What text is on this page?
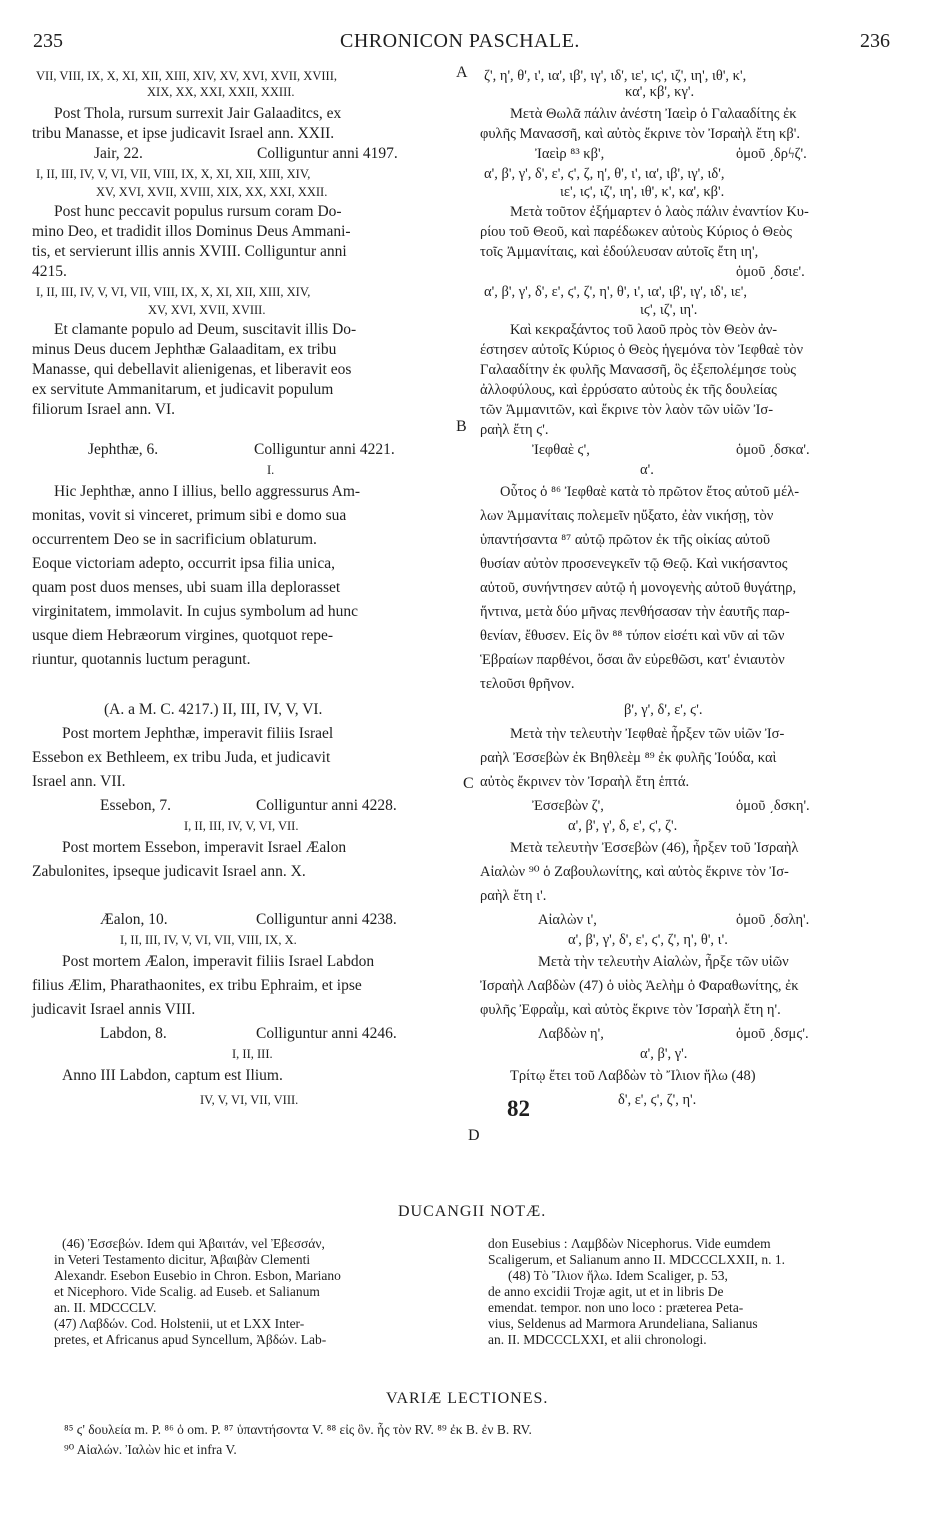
235	CHRONICON PASCHALE.	236
A
B
C
D
82
VII, VIII, IX, X, XI, XII, XIII, XIV, XV, XVI, XVII, XVIII,
XIX, XX, XXI, XXII, XXIII.
Post Thola, rursum surrexit Jair Galaaditcs, ex
tribu Manasse, et ipse judicavit Israel ann. XXII.
Jair, 22.	Colliguntur anni 4197.
I, II, III, IV, V, VI, VII, VIII, IX, X, XI, XII, XIII, XIV,
XV, XVI, XVII, XVIII, XIX, XX, XXI, XXII.
Post hunc peccavit populus rursum coram Do-
mino Deo, et tradidit illos Dominus Deus Ammani-
tis, et servierunt illis annis XVIII. Colliguntur anni
4215.
I, II, III, IV, V, VI, VII, VIII, IX, X, XI, XII, XIII, XIV,
XV, XVI, XVII, XVIII.
Et clamante populo ad Deum, suscitavit illis Do-
minus Deus ducem Jephthæ Galaaditam, ex tribu
Manasse, qui debellavit alienigenas, et liberavit eos
ex servitute Ammanitarum, et judicavit populum
filiorum Israel ann. VI.
Jephthæ, 6.	Colliguntur anni 4221.
I.
Hic Jephthæ, anno I illius, bello aggressurus Am-
monitas, vovit si vinceret, primum sibi e domo sua
occurrentem Deo se in sacrificium oblaturum.
Eoque victoriam adepto, occurrit ipsa filia unica,
quam post duos menses, ubi suam illa deplorasset
virginitatem, immolavit. In cujus symbolum ad hunc
usque diem Hebræorum virgines, quotquot repe-
riuntur, quotannis luctum peragunt.
(A. a M. C. 4217.) II, III, IV, V, VI.
Post mortem Jephthæ, imperavit filiis Israel
Essebon ex Bethleem, ex tribu Juda, et judicavit
Israel ann. VII.
Essebon, 7.	Colliguntur anni 4228.
I, II, III, IV, V, VI, VII.
Post mortem Essebon, imperavit Israel Æalon
Zabulonites, ipseque judicavit Israel ann. X.
Æalon, 10.	Colliguntur anni 4238.
I, II, III, IV, V, VI, VII, VIII, IX, X.
Post mortem Æalon, imperavit filiis Israel Labdon
filius Ælim, Pharathaonites, ex tribu Ephraim, et ipse
judicavit Israel annis VIII.
Labdon, 8.	Colliguntur anni 4246.
I, II, III.
Anno III Labdon, captum est Ilium.
IV, V, VI, VII, VIII.
ζ', η', θ', ι', ια', ιβ', ιγ', ιδ', ιε', ιϛ', ιζ', ιη', ιθ', κ',
κα', κβ', κγ'.
Μετὰ Θωλᾶ πάλιν ἀνέστη Ἰαεὶρ ὁ Γαλααδίτης ἐκ
φυλῆς Μανασσῆ, καὶ αὐτὸς ἔκρινε τὸν Ἰσραὴλ ἔτη κβ'.
Ἰαεὶρ ⁸³ κβ',	ὁμοῦ ͵δρϟζ'.
α', β', γ', δ', ε', ϛ', ζ, η', θ', ι', ια', ιβ', ιγ', ιδ',
ιε', ιϛ', ιζ', ιη', ιθ', κ', κα', κβ'.
Μετὰ τοῦτον ἐξήμαρτεν ὁ λαὸς πάλιν ἐναντίον Κυ-
ρίου τοῦ Θεοῦ, καὶ παρέδωκεν αὐτοὺς Κύριος ὁ Θεὸς
τοῖς Ἀμμανίταις, καὶ ἐδούλευσαν αὐτοῖς ἔτη ιη',
ὁμοῦ ͵δσιε'.
α', β', γ', δ', ε', ϛ', ζ', η', θ', ι', ια', ιβ', ιγ', ιδ', ιε',
ιϛ', ιζ', ιη'.
Καὶ κεκραξάντος τοῦ λαοῦ πρὸς τὸν Θεὸν ἀν-
έστησεν αὐτοῖς Κύριος ὁ Θεὸς ἡγεμόνα τὸν Ἰεφθαὲ τὸν
Γαλααδίτην ἐκ φυλῆς Μανασσῆ, ὃς ἐξεπολέμησε τοὺς
ἀλλοφύλους, καὶ ἐρρύσατο αὐτοὺς ἐκ τῆς δουλείας
τῶν Ἀμμανιτῶν, καὶ ἔκρινε τὸν λαὸν τῶν υἱῶν Ἰσ-
ραὴλ ἔτη ϛ'.
Ἰεφθαὲ ϛ',	ὁμοῦ ͵δσκα'.
α'.
Οὗτος ὁ ⁸⁶ Ἰεφθαὲ κατὰ τὸ πρῶτον ἔτος αὐτοῦ μέλ-
λων Ἀμμανίταις πολεμεῖν ηὔξατο, ἐὰν νικήσῃ, τὸν
ὑπαντήσαντα ⁸⁷ αὐτῷ πρῶτον ἐκ τῆς οἰκίας αὐτοῦ
θυσίαν αὐτὸν προσενεγκεῖν τῷ Θεῷ. Καὶ νικήσαντος
αὐτοῦ, συνήντησεν αὐτῷ ἡ μονογενὴς αὐτοῦ θυγάτηρ,
ἥντινα, μετὰ δύο μῆνας πενθήσασαν τὴν ἑαυτῆς παρ-
θενίαν, ἔθυσεν. Εἰς ὃν ⁸⁸ τύπον εἰσέτι καὶ νῦν αἱ τῶν
Ἑβραίων παρθένοι, ὅσαι ἂν εὑρεθῶσι, κατ' ἐνιαυτὸν
τελοῦσι θρῆνον.
β', γ', δ', ε', ϛ'.
Μετὰ τὴν τελευτὴν Ἰεφθαὲ ἦρξεν τῶν υἱῶν Ἰσ-
ραὴλ Ἐσσεβὼν ἐκ Βηθλεὲμ ⁸⁹ ἐκ φυλῆς Ἰούδα, καὶ
αὐτὸς ἔκρινεν τὸν Ἰσραὴλ ἔτη ἑπτά.
Ἐσσεβὼν ζ',	ὁμοῦ ͵δσκη'.
α', β', γ', δ, ε', ϛ', ζ'.
Μετὰ τελευτὴν Ἐσσεβὼν (46), ἦρξεν τοῦ Ἰσραὴλ
Αἰαλὼν ⁹⁰ ὁ Ζαβουλωνίτης, καὶ αὐτὸς ἔκρινε τὸν Ἰσ-
ραὴλ ἔτη ι'.
Αἰαλὼν ι',	ὁμοῦ ͵δσλη'.
α', β', γ', δ', ε', ϛ', ζ', η', θ', ι'.
Μετὰ τὴν τελευτὴν Αἰαλὼν, ἦρξε τῶν υἱῶν
Ἰσραὴλ Λαβδὼν (47) ὁ υἱὸς Ἀελὴμ ὁ Φαραθωνίτης, ἐκ
φυλῆς Ἐφραῒμ, καὶ αὐτὸς ἔκρινε τὸν Ἰσραὴλ ἔτη η'.
Λαβδὼν η',	ὁμοῦ ͵δσμϛ'.
α', β', γ'.
Τρίτῳ ἔτει τοῦ Λαβδὼν τὸ Ἴλιον ἥλω (48)
δ', ε', ϛ', ζ', η'.
DUCANGII NOTÆ.
(46) Ἐσσεβών. Idem qui Ἀβαιτάν, vel Ἐβεσσάν,
in Veteri Testamento dicitur, Ἀβαιβὰν Clementi
Alexandr. Esebon Eusebio in Chron. Esbon, Mariano
et Nicephoro. Vide Scalig. ad Euseb. et Salianum
an. II. MDCCCLV.
(47) Λαβδών. Cod. Holstenii, ut et LXX Inter-
pretes, et Africanus apud Syncellum, Ἀβδών. Lab-
don Eusebius : Λαμβδὼν Nicephorus. Vide eumdem
Scaligerum, et Salianum anno II. MDCCCLXXII, n. 1.
(48) Τὸ Ἴλιον ἥλω. Idem Scaliger, p. 53,
de anno excidii Trojæ agit, ut et in libris De
emendat. tempor. non uno loco : præterea Peta-
vius, Seldenus ad Marmora Arundeliana, Salianus
an. II. MDCCCLXXI, et alii chronologi.
VARIÆ LECTIONES.
⁸⁵ ϛ' δουλεία m. P. ⁸⁶ ὁ om. P. ⁸⁷ ὑπαντήσοντα V. ⁸⁸ εἰς ὃν. ἧς τὸν RV. ⁸⁹ ἐκ B. ἐν B. RV.
⁹⁰ Αἰαλών. Ἰαλὼν hic et infra V.
